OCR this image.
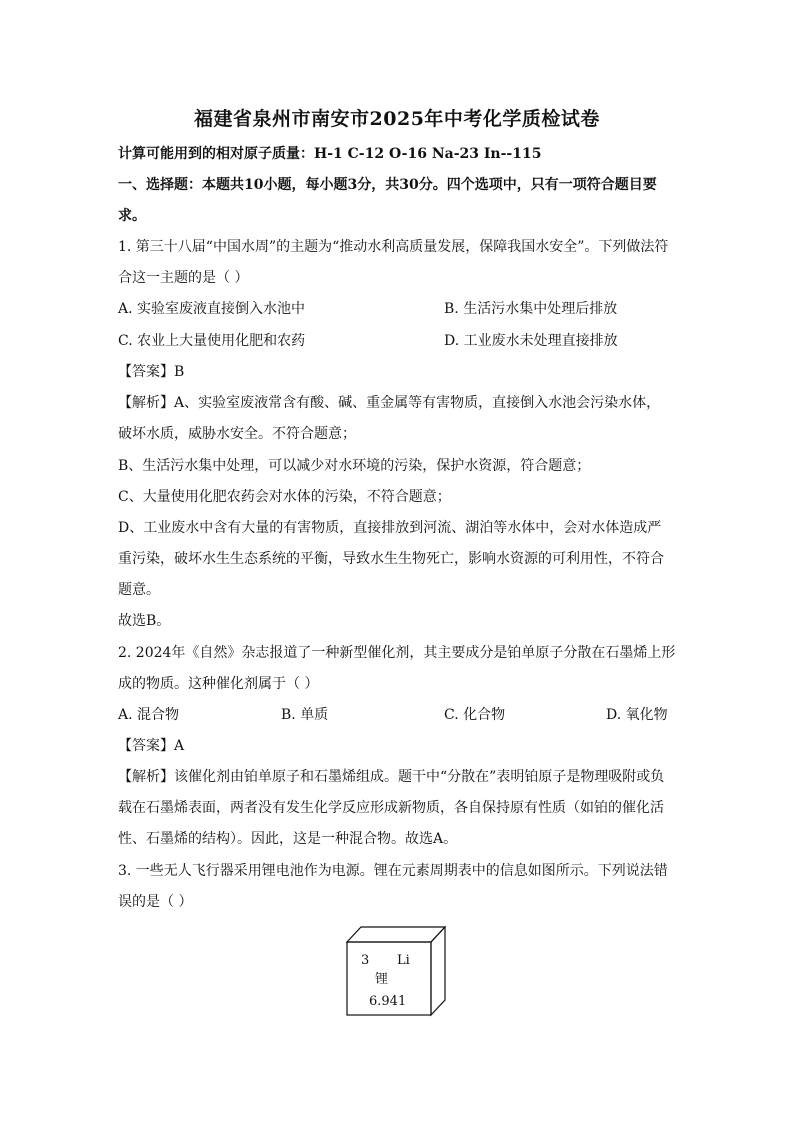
福建省泉州市南安市2025年中考化学质检试卷
计算可能用到的相对原子质量：H-1 C-12 O-16 Na-23 In--115
一、选择题：本题共10小题，每小题3分，共30分。四个选项中，只有一项符合题目要
求。
1. 第三十八届“中国水周”的主题为“推动水利高质量发展，保障我国水安全”。下列做法符
合这一主题的是（ ）
A. 实验室废液直接倒入水池中	B. 生活污水集中处理后排放
C. 农业上大量使用化肥和农药	D. 工业废水未处理直接排放
【答案】B
【解析】A、实验室废液常含有酸、碱、重金属等有害物质，直接倒入水池会污染水体，
破坏水质，威胁水安全。不符合题意；
B、生活污水集中处理，可以减少对水环境的污染，保护水资源，符合题意；
C、大量使用化肥农药会对水体的污染，不符合题意；
D、工业废水中含有大量的有害物质，直接排放到河流、湖泊等水体中，会对水体造成严
重污染，破坏水生生态系统的平衡，导致水生生物死亡，影响水资源的可利用性，不符合
题意。
故选B。
2. 2024年《自然》杂志报道了一种新型催化剂，其主要成分是铂单原子分散在石墨烯上形
成的物质。这种催化剂属于（ ）
A. 混合物	B. 单质	C. 化合物	D. 氧化物
【答案】A
【解析】该催化剂由铂单原子和石墨烯组成。题干中“分散在”表明铂原子是物理吸附或负
载在石墨烯表面，两者没有发生化学反应形成新物质，各自保持原有性质（如铂的催化活
性、石墨烯的结构）。因此，这是一种混合物。故选A。
3. 一些无人飞行器采用锂电池作为电源。锂在元素周期表中的信息如图所示。下列说法错
误的是（ ）
3 Li
锂
6.941
